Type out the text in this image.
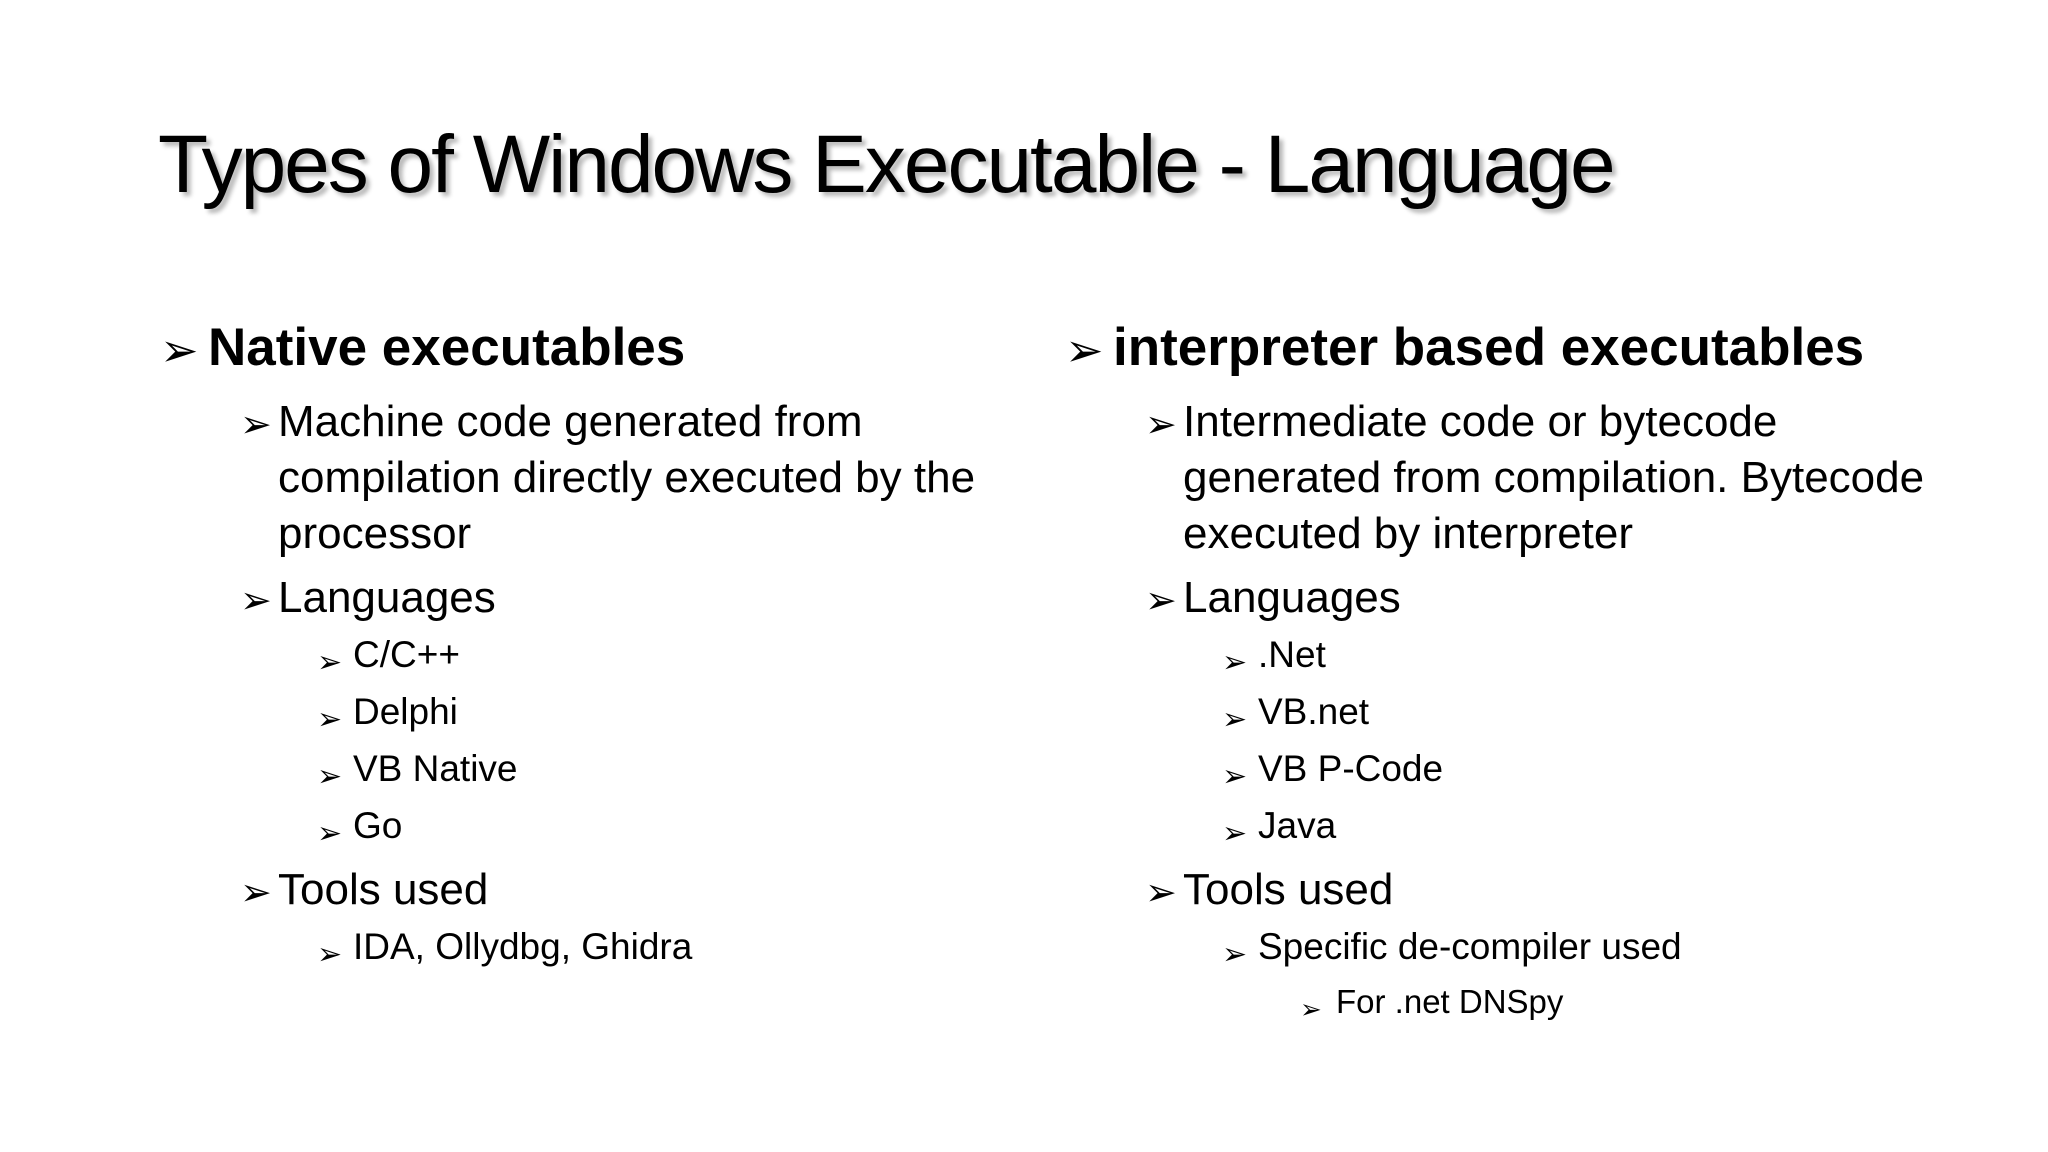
Types of Windows Executable - Language
➢ Native executables
➢ Machine code generated from compilation directly executed by the processor
➢ Languages
➢ C/C++
➢ Delphi
➢ VB Native
➢ Go
➢ Tools used
➢ IDA, Ollydbg, Ghidra
➢ interpreter based executables
➢ Intermediate code or bytecode generated from compilation. Bytecode executed by interpreter
➢ Languages
➢ .Net
➢ VB.net
➢ VB P-Code
➢ Java
➢ Tools used
➢ Specific de-compiler used
➢ For .net DNSpy
